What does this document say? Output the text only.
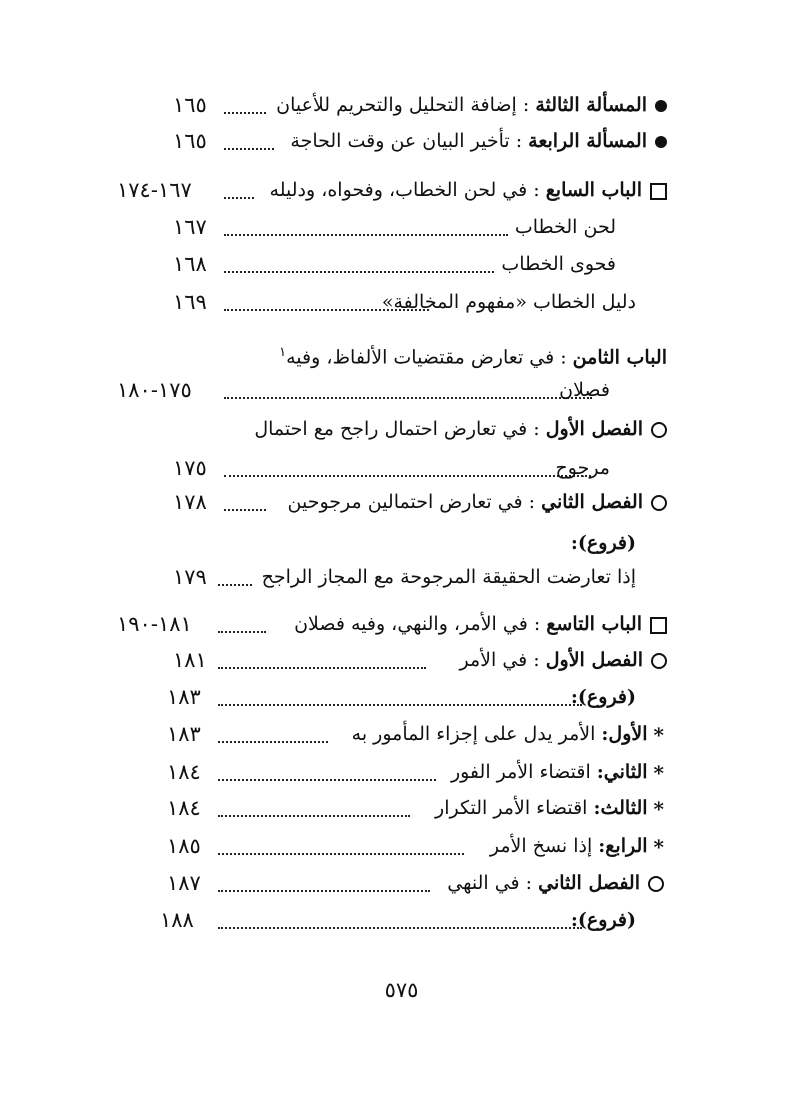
١٦٥	المسألة الثالثة : إضافة التحليل والتحريم للأعيان
١٦٥	المسألة الرابعة : تأخير البيان عن وقت الحاجة
١٦٧-١٧٤	الباب السابع : في لحن الخطاب، وفحواه، ودليله
١٦٧	لحن الخطاب
١٦٨	فحوى الخطاب
١٦٩	دليل الخطاب «مفهوم المخالفة»
الباب الثامن : في تعارض مقتضيات الألفاظ، وفيه$^١$
١٧٥-١٨٠	فصلان
الفصل الأول : في تعارض احتمال راجح مع احتمال
١٧٥	مرجوح
١٧٨	الفصل الثاني : في تعارض احتمالين مرجوحين
(فروع):
١٧٩	إذا تعارضت الحقيقة المرجوحة مع المجاز الراجح
١٨١-١٩٠	الباب التاسع : في الأمر، والنهي، وفيه فصلان
١٨١	الفصل الأول : في الأمر
١٨٣	(فروع):
١٨٣	*الأول: الأمر يدل على إجزاء المأمور به
١٨٤	*الثاني: اقتضاء الأمر الفور
١٨٤	*الثالث: اقتضاء الأمر التكرار
١٨٥	*الرابع: إذا نسخ الأمر
١٨٧	الفصل الثاني : في النهي
١٨٨	(فروع):
٥٧٥
